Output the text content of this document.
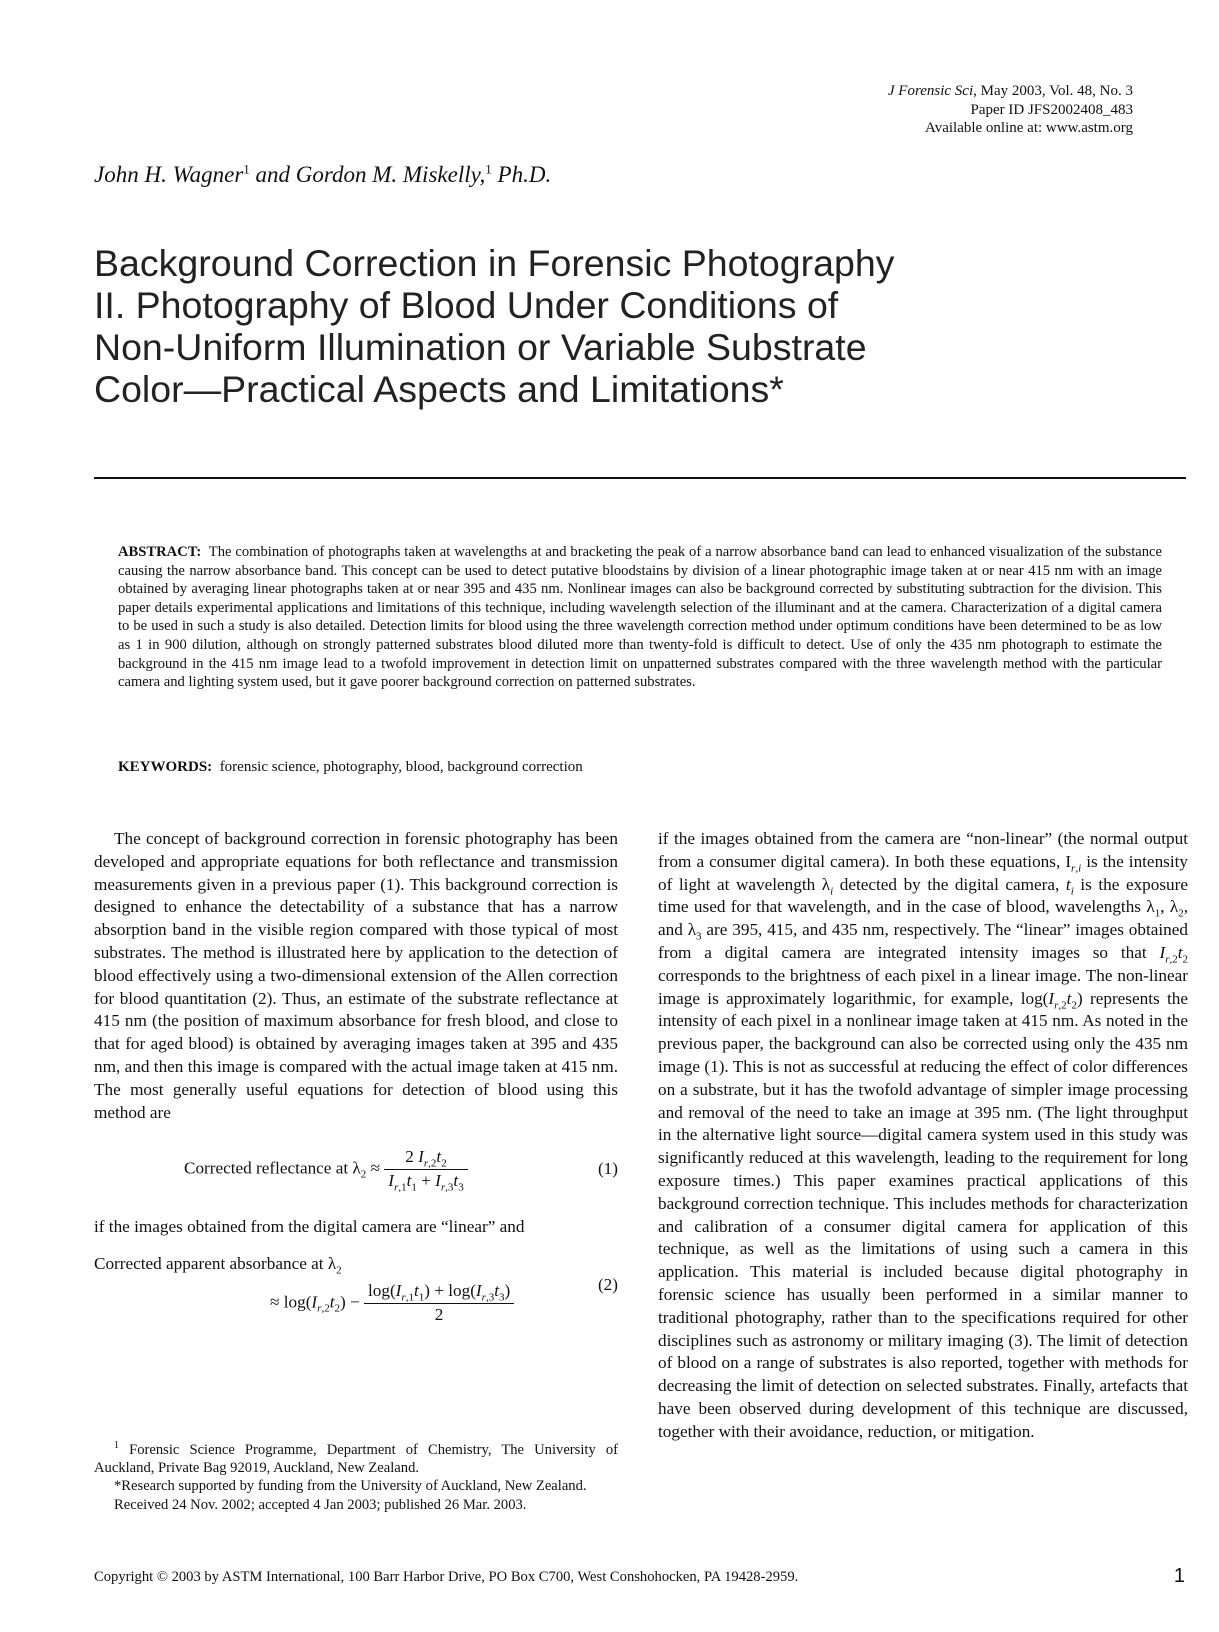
J Forensic Sci, May 2003, Vol. 48, No. 3
Paper ID JFS2002408_483
Available online at: www.astm.org
John H. Wagner$^1$ and Gordon M. Miskelly,$^1$ Ph.D.
Background Correction in Forensic Photography
II. Photography of Blood Under Conditions of
Non-Uniform Illumination or Variable Substrate
Color—Practical Aspects and Limitations*
ABSTRACT: The combination of photographs taken at wavelengths at and bracketing the peak of a narrow absorbance band can lead to enhanced visualization of the substance causing the narrow absorbance band. This concept can be used to detect putative bloodstains by division of a linear photographic image taken at or near 415 nm with an image obtained by averaging linear photographs taken at or near 395 and 435 nm. Nonlinear images can also be background corrected by substituting subtraction for the division. This paper details experimental applications and limitations of this technique, including wavelength selection of the illuminant and at the camera. Characterization of a digital camera to be used in such a study is also detailed. Detection limits for blood using the three wavelength correction method under optimum conditions have been determined to be as low as 1 in 900 dilution, although on strongly patterned substrates blood diluted more than twenty-fold is difficult to detect. Use of only the 435 nm photograph to estimate the background in the 415 nm image lead to a twofold improvement in detection limit on unpatterned substrates compared with the three wavelength method with the particular camera and lighting system used, but it gave poorer background correction on patterned substrates.
KEYWORDS: forensic science, photography, blood, background correction
The concept of background correction in forensic photography has been developed and appropriate equations for both reflectance and transmission measurements given in a previous paper (1). This background correction is designed to enhance the detectability of a substance that has a narrow absorption band in the visible region compared with those typical of most substrates. The method is illustrated here by application to the detection of blood effectively using a two-dimensional extension of the Allen correction for blood quantitation (2). Thus, an estimate of the substrate reflectance at 415 nm (the position of maximum absorbance for fresh blood, and close to that for aged blood) is obtained by averaging images taken at 395 and 435 nm, and then this image is compared with the actual image taken at 415 nm. The most generally useful equations for detection of blood using this method are
Corrected reflectance at $\lambda_2 \approx \frac{2 I_{r,2}t_2}{I_{r,1}t_1 + I_{r,3}t_3}$	(1)
if the images obtained from the digital camera are “linear” and
Corrected apparent absorbance at $\lambda_2$
≈ $\log(I_{r,2}t_2) - \frac{\log(I_{r,1}t_1) + \log(I_{r,3}t_3)}{2}$	(2)
if the images obtained from the camera are “non-linear” (the normal output from a consumer digital camera). In both these equations, $I_{r,i}$ is the intensity of light at wavelength $\lambda_i$ detected by the digital camera, $t_i$ is the exposure time used for that wavelength, and in the case of blood, wavelengths $\lambda_1$, $\lambda_2$, and $\lambda_3$ are 395, 415, and 435 nm, respectively. The “linear” images obtained from a digital camera are integrated intensity images so that $I_{r,2}t_2$ corresponds to the brightness of each pixel in a linear image. The non-linear image is approximately logarithmic, for example, $\log(I_{r,2}t_2)$ represents the intensity of each pixel in a nonlinear image taken at 415 nm. As noted in the previous paper, the background can also be corrected using only the 435 nm image (1). This is not as successful at reducing the effect of color differences on a substrate, but it has the twofold advantage of simpler image processing and removal of the need to take an image at 395 nm. (The light throughput in the alternative light source—digital camera system used in this study was significantly reduced at this wavelength, leading to the requirement for long exposure times.) This paper examines practical applications of this background correction technique. This includes methods for characterization and calibration of a consumer digital camera for application of this technique, as well as the limitations of using such a camera in this application. This material is included because digital photography in forensic science has usually been performed in a similar manner to traditional photography, rather than to the specifications required for other disciplines such as astronomy or military imaging (3). The limit of detection of blood on a range of substrates is also reported, together with methods for decreasing the limit of detection on selected substrates. Finally, artefacts that have been observed during development of this technique are discussed, together with their avoidance, reduction, or mitigation.

$^1$ Forensic Science Programme, Department of Chemistry, The University of Auckland, Private Bag 92019, Auckland, New Zealand.

*Research supported by funding from the University of Auckland, New Zealand.

Received 24 Nov. 2002; accepted 4 Jan 2003; published 26 Mar. 2003.

Copyright © 2003 by ASTM International, 100 Barr Harbor Drive, PO Box C700, West Conshohocken, PA 19428-2959.	1
